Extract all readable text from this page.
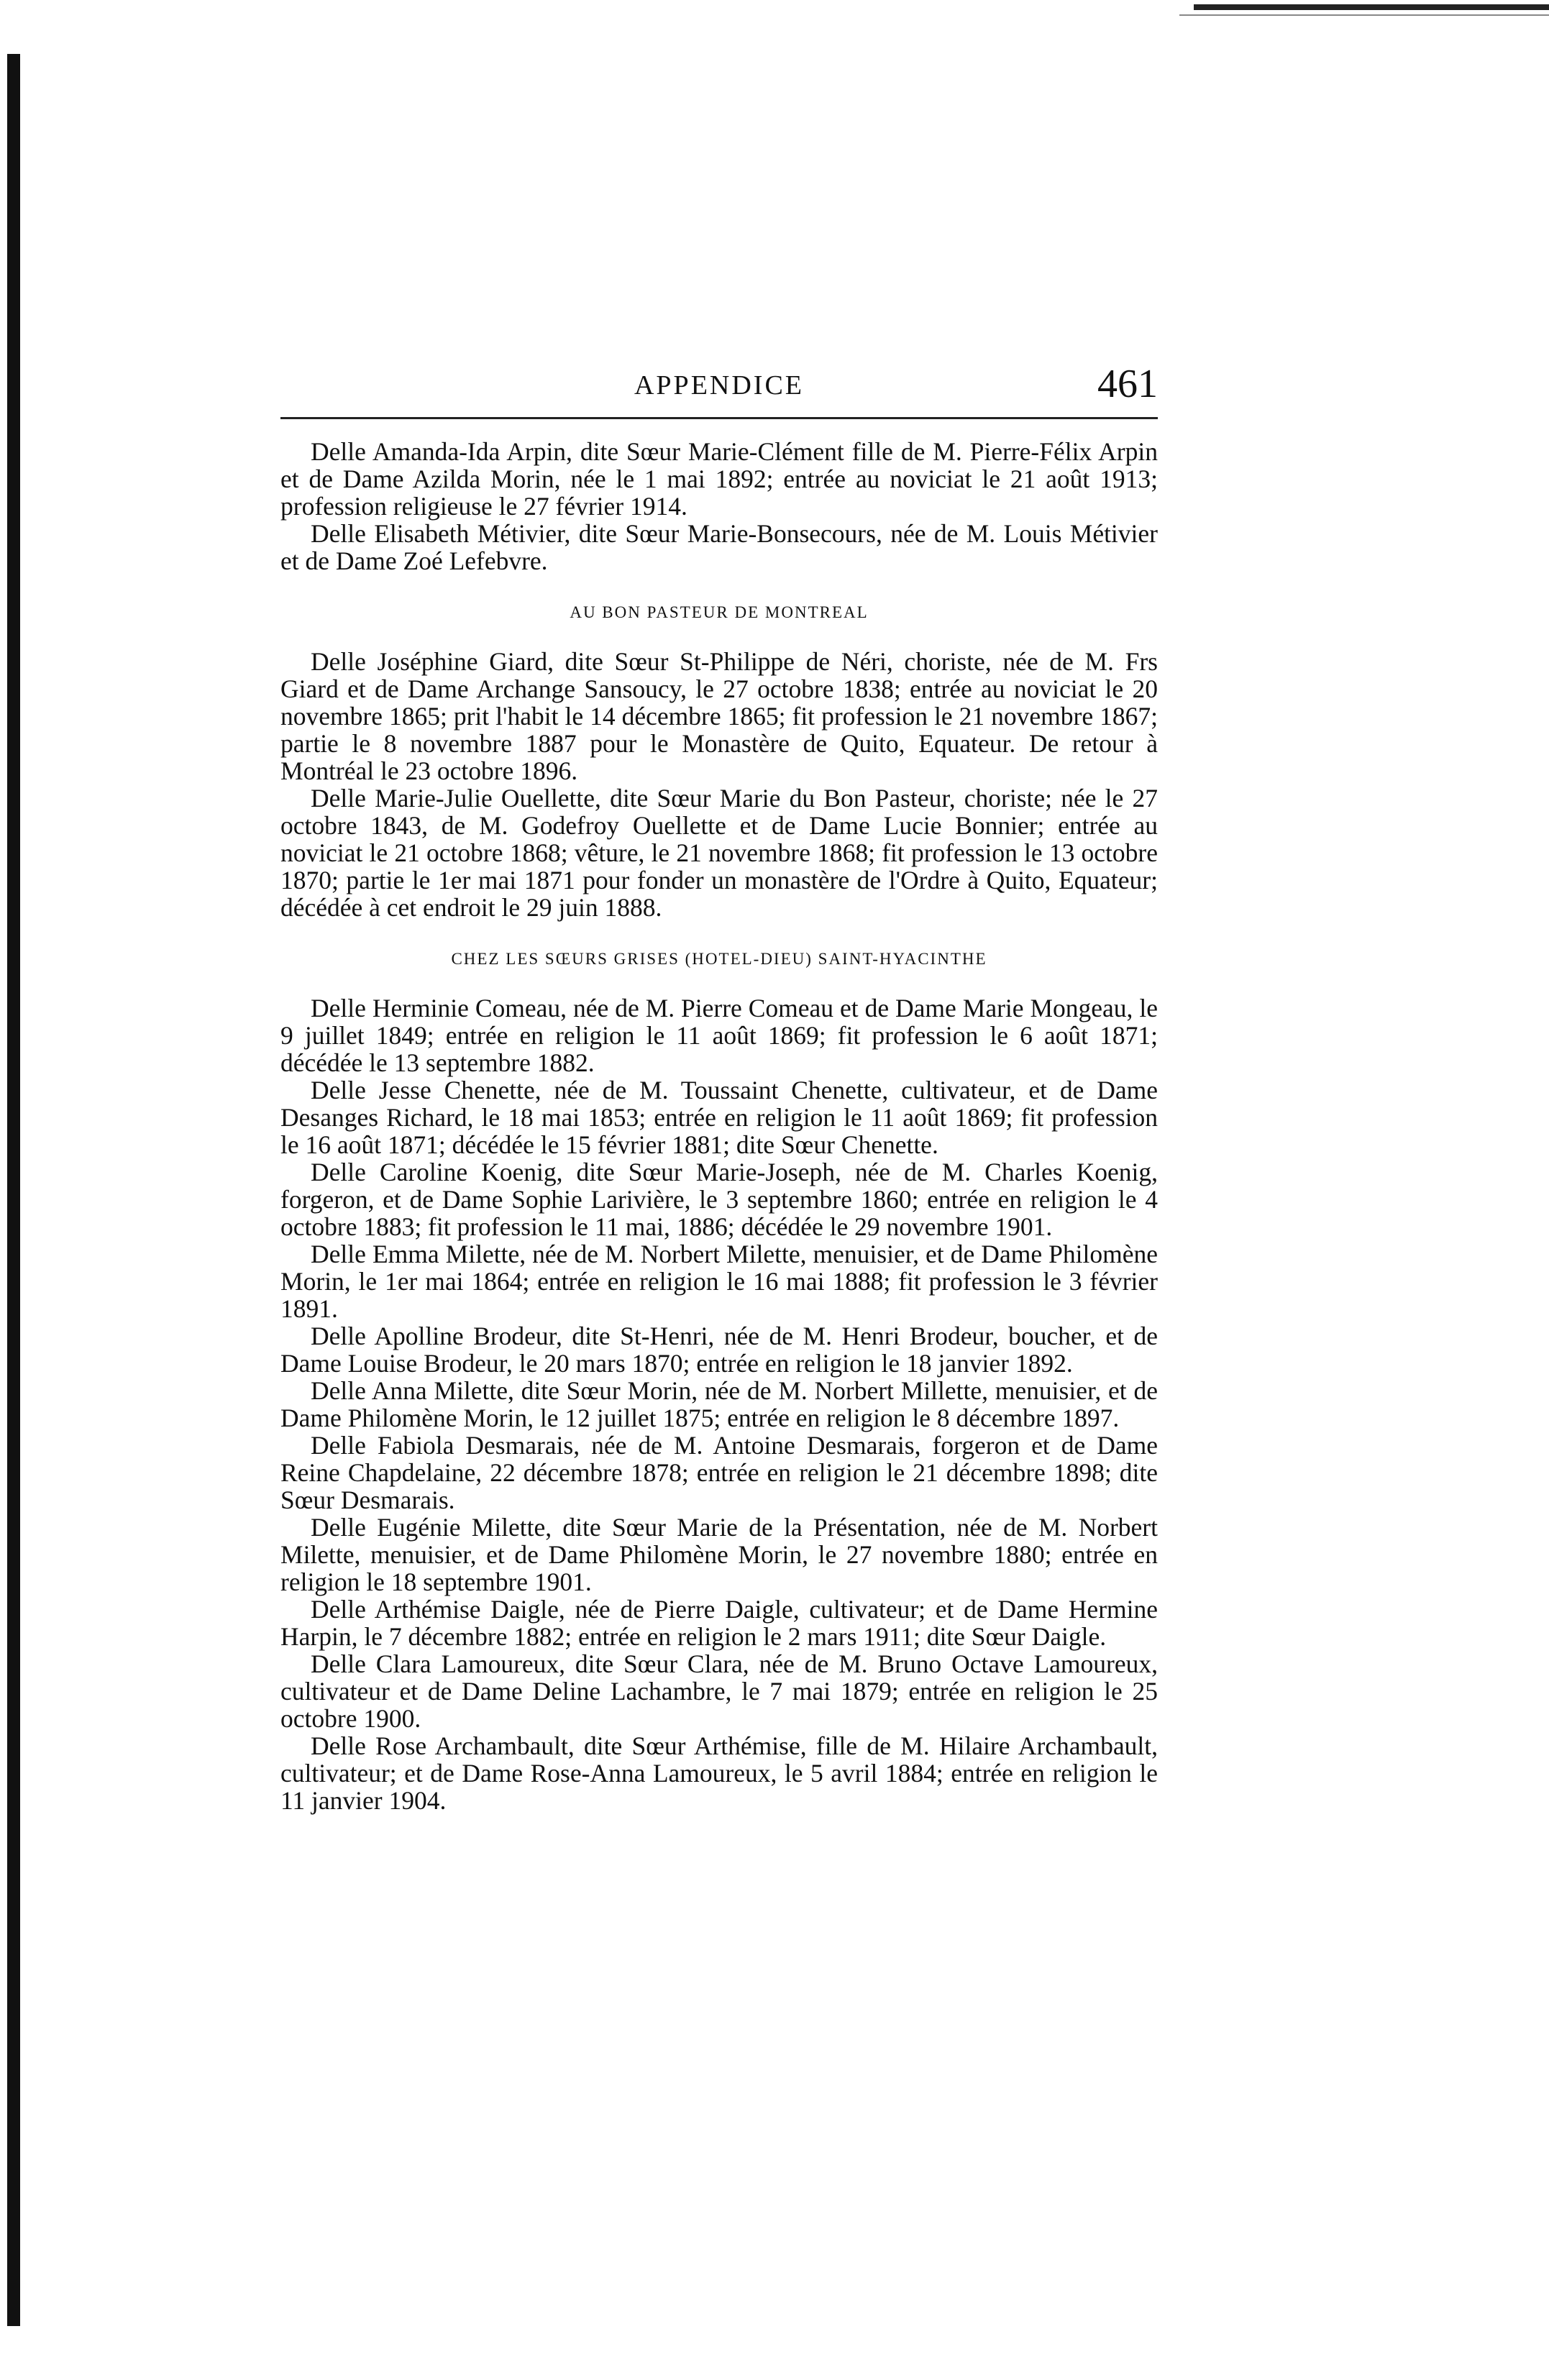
APPENDICE	461

Delle Amanda-Ida Arpin, dite Sœur Marie-Clément fille de M. Pierre-Félix Arpin et de Dame Azilda Morin, née le 1 mai 1892; entrée au noviciat le 21 août 1913; profession religieuse le 27 février 1914.

Delle Elisabeth Métivier, dite Sœur Marie-Bonsecours, née de M. Louis Métivier et de Dame Zoé Lefebvre.

AU BON PASTEUR DE MONTREAL

Delle Joséphine Giard, dite Sœur St-Philippe de Néri, choriste, née de M. Frs Giard et de Dame Archange Sansoucy, le 27 octobre 1838; entrée au noviciat le 20 novembre 1865; prit l'habit le 14 décembre 1865; fit profession le 21 novembre 1867; partie le 8 novembre 1887 pour le Monastère de Quito, Equateur. De retour à Montréal le 23 octobre 1896.

Delle Marie-Julie Ouellette, dite Sœur Marie du Bon Pasteur, choriste; née le 27 octobre 1843, de M. Godefroy Ouellette et de Dame Lucie Bonnier; entrée au noviciat le 21 octobre 1868; vêture, le 21 novembre 1868; fit profession le 13 octobre 1870; partie le 1er mai 1871 pour fonder un monastère de l'Ordre à Quito, Equateur; décédée à cet endroit le 29 juin 1888.

CHEZ LES SŒURS GRISES (HOTEL-DIEU) SAINT-HYACINTHE

Delle Herminie Comeau, née de M. Pierre Comeau et de Dame Marie Mongeau, le 9 juillet 1849; entrée en religion le 11 août 1869; fit profession le 6 août 1871; décédée le 13 septembre 1882.

Delle Jesse Chenette, née de M. Toussaint Chenette, cultivateur, et de Dame Desanges Richard, le 18 mai 1853; entrée en religion le 11 août 1869; fit profession le 16 août 1871; décédée le 15 février 1881; dite Sœur Chenette.

Delle Caroline Koenig, dite Sœur Marie-Joseph, née de M. Charles Koenig, forgeron, et de Dame Sophie Larivière, le 3 septembre 1860; entrée en religion le 4 octobre 1883; fit profession le 11 mai, 1886; décédée le 29 novembre 1901.

Delle Emma Milette, née de M. Norbert Milette, menuisier, et de Dame Philomène Morin, le 1er mai 1864; entrée en religion le 16 mai 1888; fit profession le 3 février 1891.

Delle Apolline Brodeur, dite St-Henri, née de M. Henri Brodeur, boucher, et de Dame Louise Brodeur, le 20 mars 1870; entrée en religion le 18 janvier 1892.

Delle Anna Milette, dite Sœur Morin, née de M. Norbert Millette, menuisier, et de Dame Philomène Morin, le 12 juillet 1875; entrée en religion le 8 décembre 1897.

Delle Fabiola Desmarais, née de M. Antoine Desmarais, forgeron et de Dame Reine Chapdelaine, 22 décembre 1878; entrée en religion le 21 décembre 1898; dite Sœur Desmarais.

Delle Eugénie Milette, dite Sœur Marie de la Présentation, née de M. Norbert Milette, menuisier, et de Dame Philomène Morin, le 27 novembre 1880; entrée en religion le 18 septembre 1901.

Delle Arthémise Daigle, née de Pierre Daigle, cultivateur; et de Dame Hermine Harpin, le 7 décembre 1882; entrée en religion le 2 mars 1911; dite Sœur Daigle.

Delle Clara Lamoureux, dite Sœur Clara, née de M. Bruno Octave Lamoureux, cultivateur et de Dame Deline Lachambre, le 7 mai 1879; entrée en religion le 25 octobre 1900.

Delle Rose Archambault, dite Sœur Arthémise, fille de M. Hilaire Archambault, cultivateur; et de Dame Rose-Anna Lamoureux, le 5 avril 1884; entrée en religion le 11 janvier 1904.
